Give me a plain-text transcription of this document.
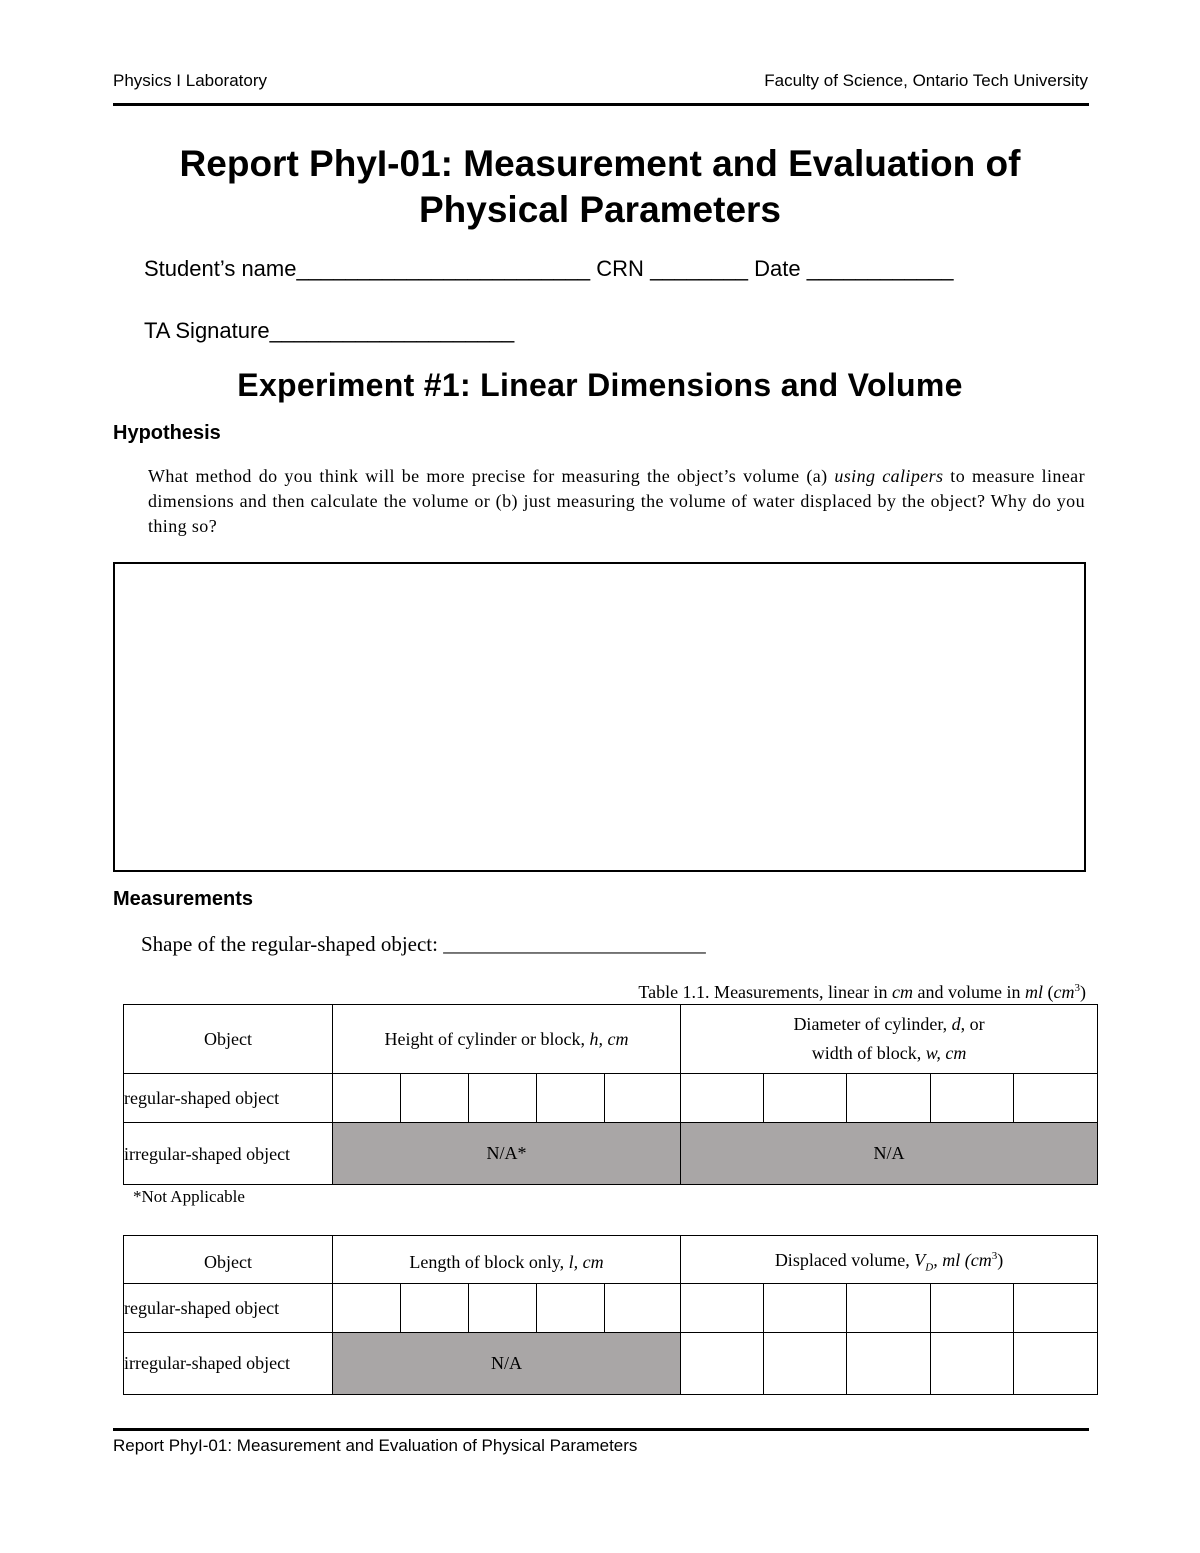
Physics I Laboratory	Faculty of Science, Ontario Tech University
Report PhyI-01: Measurement and Evaluation of
Physical Parameters
Student’s name________________________ CRN ________ Date ____________
TA Signature____________________
Experiment #1: Linear Dimensions and Volume
Hypothesis
What method do you think will be more precise for measuring the object’s volume (a) using calipers to measure linear dimensions and then calculate the volume or (b) just measuring the volume of water displaced by the object? Why do you thing so?
Measurements
Shape of the regular-shaped object: _________________________
Table 1.1. Measurements, linear in cm and volume in ml $(cm^3)$
Object	Height of cylinder or block, h, cm					Diameter of cylinder, d, or
width of block, w, cm				

regular-shaped object										
irregular-shaped object	N/A*					N/A				
*Not Applicable
Object	Length of block only, l, cm					Displaced volume, $V_D$, ml $(cm^3)$				
regular-shaped object										
irregular-shaped object	N/A									
Report PhyI-01: Measurement and Evaluation of Physical Parameters
